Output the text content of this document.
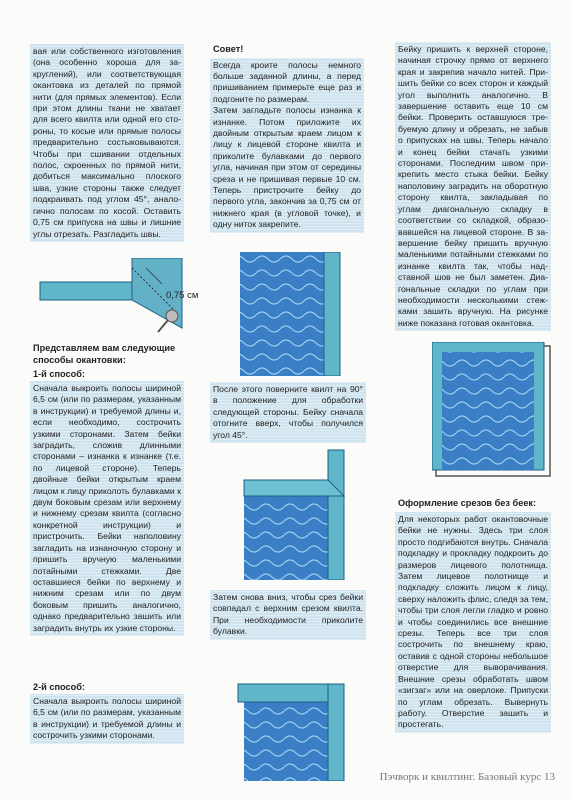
вая или собственного изготовления (она особенно хороша для закруглений), или соответствующая окантовка из деталей по прямой нити (для прямых элементов). Если при этом длины ткани не хватает для всего квилта или одной его стороны, то косые или прямые полосы предварительно состыковываются. Чтобы при сшивании отдельных полос, скроенных по прямой нити, добиться максимально плоского шва, узкие стороны также следует подкраивать под углом 45°, аналогично полосам по косой. Оставить 0,75 см припуска на швы и лишние углы отрезать. Разгладить швы.

0,75 см
Представляем вам следующие способы окантовки:
1-й способ:

Сначала выкроить полосы шириной 6,5 см (или по размерам, указанным в инструкции) и требуемой длины и, если необходимо, сострочить узкими сторонами. Затем бейки заградить, сложив длинными сторонами – изнанка к изнанке (т.е. по лицевой стороне). Теперь двойные бейки открытым краем лицом к лицу приколоть булавками к двум боковым срезам или верхнему и нижнему срезам квилта (согласно конкретной инструкции) и пристрочить. Бейки наполовину загладить на изнаночную сторону и пришить вручную маленькими потайными стежками. Две оставшиеся бейки по верхнему и нижним срезам или по двум боковым пришить аналогично, однако предварительно зашить или заградить внутрь их узкие стороны.

2-й способ:

Сначала выкроить полосы шириной 6,5 см (или по размерам, указанным в инструкции) и требуемой длины и сострочить узкими сторонами.

Совет!

Всегда кроите полосы немного больше заданной длины, а перед пришиванием примерьте еще раз и подгоните по размерам.

Затем загладьте полосы изнанка к изнанке. Потом приложите их двойным открытым краем лицом к лицу к лицевой стороне квилта и приколите булавками до первого угла, начиная при этом от середины среза и не пришивая первые 10 см. Теперь пристрочите бейку до первого угла, закончив за 0,75 см от нижнего края (в угловой точке), и одну ниток закрепите.

После этого поверните квилт на 90° в положение для обработки следующей стороны. Бейку сначала отогните вверх, чтобы получился угол 45°.

Затем снова вниз, чтобы срез бейки совпадал с верхним срезом квилта. При необходимости приколите булавки.

Бейку пришить к верхней стороне, начиная строчку прямо от верхнего края и закрепив начало нитей. Пришить бейки со всех сторон и каждый угол выполнить аналогично. В завершение оставить еще 10 см бейки. Проверить оставшуюся требуемую длину и обрезать, не забыв о припусках на швы. Теперь начало и конец бейки стачать узкими сторонами. Последним швом прикрепить место стыка бейки. Бейку наполовину заградить на оборотную сторону квилта, закладывая по углам диагональную складку в соответствии со складкой, образовавшейся на лицевой стороне. В завершение бейку пришить вручную маленькими потайными стежками по изнанке квилта так, чтобы надставной шов не был заметен. Диагональные складки по углам при необходимости несколькими стежками зашить вручную. На рисунке ниже показана готовая окантовка.

Оформление срезов без беек:

Для некоторых работ окантовочные бейки не нужны. Здесь три слоя просто подгибаются внутрь. Сначала подкладку и прокладку подкроить до размеров лицевого полотнища. Затем лицевое полотнище и подкладку сложить лицом к лицу, сверху наложить флис, следя за тем, чтобы три слоя легли гладко и ровно и чтобы соединились все внешние срезы. Теперь все три слоя сострочить по внешнему краю, оставив с одной стороны небольшое отверстие для выворачивания. Внешние срезы обработать швом «зигзаг» или на оверлоке. Припуски по углам обрезать. Вывернуть работу. Отверстие зашить и простегать.

Пэчворк и квилтинг. Базовый курс 13
